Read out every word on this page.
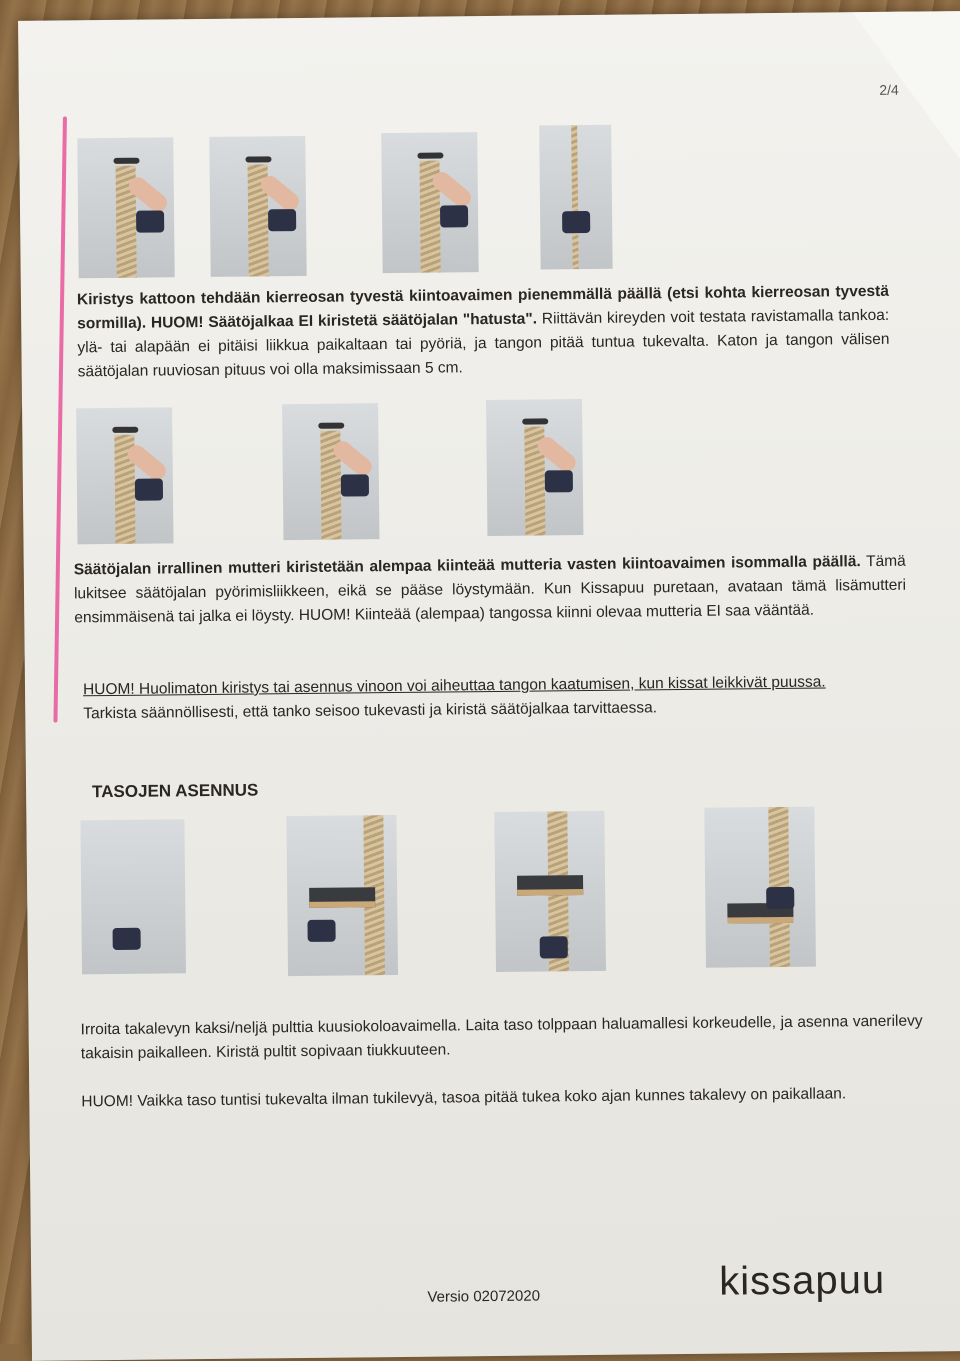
2/4
Kiristys kattoon tehdään kierreosan tyvestä kiintoavaimen pienemmällä päällä (etsi kohta kierreosan tyvestä sormilla). HUOM! Säätöjalkaa EI kiristetä säätöjalan "hatusta". Riittävän kireyden voit testata ravistamalla tankoa: ylä- tai alapään ei pitäisi liikkua paikaltaan tai pyöriä, ja tangon pitää tuntua tukevalta. Katon ja tangon välisen säätöjalan ruuviosan pituus voi olla maksimissaan 5 cm.
Säätöjalan irrallinen mutteri kiristetään alempaa kiinteää mutteria vasten kiintoavaimen isommalla päällä. Tämä lukitsee säätöjalan pyörimisliikkeen, eikä se pääse löystymään. Kun Kissapuu puretaan, avataan tämä lisämutteri ensimmäisenä tai jalka ei löysty. HUOM! Kiinteää (alempaa) tangossa kiinni olevaa mutteria EI saa vääntää.
HUOM! Huolimaton kiristys tai asennus vinoon voi aiheuttaa tangon kaatumisen, kun kissat leikkivät puussa.
Tarkista säännöllisesti, että tanko seisoo tukevasti ja kiristä säätöjalkaa tarvittaessa.
TASOJEN ASENNUS
Irroita takalevyn kaksi/neljä pulttia kuusiokoloavaimella. Laita taso tolppaan haluamallesi korkeudelle, ja asenna vanerilevy takaisin paikalleen. Kiristä pultit sopivaan tiukkuuteen.
HUOM! Vaikka taso tuntisi tukevalta ilman tukilevyä, tasoa pitää tukea koko ajan kunnes takalevy on paikallaan.
Versio 02072020	kissapuu
